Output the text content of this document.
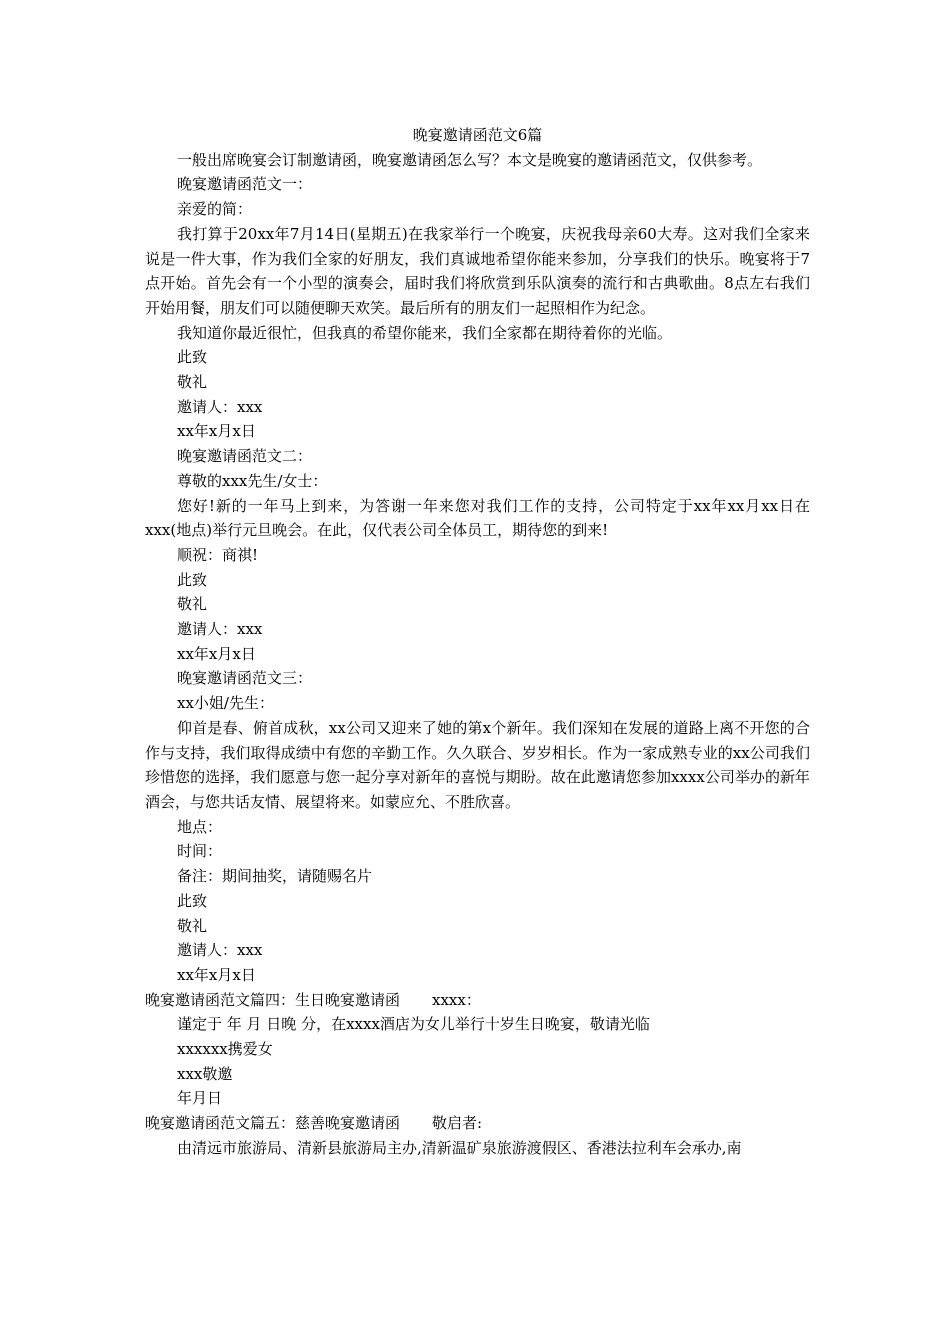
晚宴邀请函范文6篇
一般出席晚宴会订制邀请函，晚宴邀请函怎么写？本文是晚宴的邀请函范文，仅供参考。
晚宴邀请函范文一：
亲爱的简：
我打算于20xx年7月14日(星期五)在我家举行一个晚宴，庆祝我母亲60大寿。这对我们全家来说是一件大事，作为我们全家的好朋友，我们真诚地希望你能来参加，分享我们的快乐。晚宴将于7点开始。首先会有一个小型的演奏会，届时我们将欣赏到乐队演奏的流行和古典歌曲。8点左右我们开始用餐，朋友们可以随便聊天欢笑。最后所有的朋友们一起照相作为纪念。
我知道你最近很忙，但我真的希望你能来，我们全家都在期待着你的光临。
此致
敬礼
邀请人：xxx
xx年x月x日
晚宴邀请函范文二：
尊敬的xxx先生/女士：
您好!新的一年马上到来，为答谢一年来您对我们工作的支持，公司特定于xx年xx月xx日在xxx(地点)举行元旦晚会。在此，仅代表公司全体员工，期待您的到来!
顺祝：商祺!
此致
敬礼
邀请人：xxx
xx年x月x日
晚宴邀请函范文三：
xx小姐/先生：
仰首是春、俯首成秋，xx公司又迎来了她的第x个新年。我们深知在发展的道路上离不开您的合作与支持，我们取得成绩中有您的辛勤工作。久久联合、岁岁相长。作为一家成熟专业的xx公司我们珍惜您的选择，我们愿意与您一起分享对新年的喜悦与期盼。故在此邀请您参加xxxx公司举办的新年酒会，与您共话友情、展望将来。如蒙应允、不胜欣喜。
地点：
时间：
备注：期间抽奖，请随赐名片
此致
敬礼
邀请人：xxx
xx年x月x日
晚宴邀请函范文篇四：生日晚宴邀请函 xxxx：
谨定于 年 月 日晚 分，在xxxx酒店为女儿举行十岁生日晚宴，敬请光临
xxxxxx携爱女
xxx敬邀
年月日
晚宴邀请函范文篇五：慈善晚宴邀请函 敬启者:
由清远市旅游局、清新县旅游局主办,清新温矿泉旅游渡假区、香港法拉利车会承办,南
